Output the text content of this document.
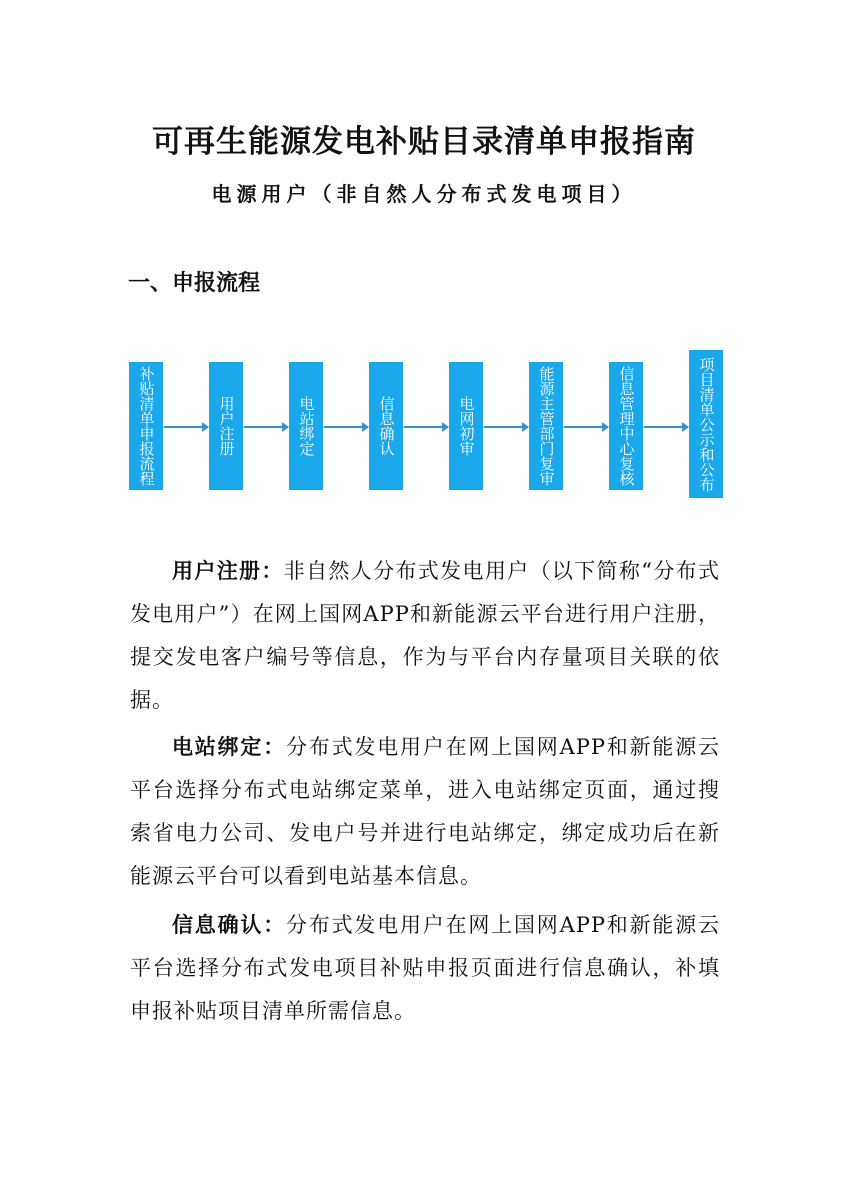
可再生能源发电补贴目录清单申报指南
电源用户（非自然人分布式发电项目）
一、申报流程
补贴清单申报流程	用户注册	电站绑定	信息确认	电网初审	能源主管部门复审	信息管理中心复核	项目清单公示和公布

用户注册：非自然人分布式发电用户（以下简称“分布式发电用户”）在网上国网APP和新能源云平台进行用户注册，提交发电客户编号等信息，作为与平台内存量项目关联的依据。

电站绑定：分布式发电用户在网上国网APP和新能源云平台选择分布式电站绑定菜单，进入电站绑定页面，通过搜索省电力公司、发电户号并进行电站绑定，绑定成功后在新能源云平台可以看到电站基本信息。

信息确认：分布式发电用户在网上国网APP和新能源云平台选择分布式发电项目补贴申报页面进行信息确认，补填申报补贴项目清单所需信息。
